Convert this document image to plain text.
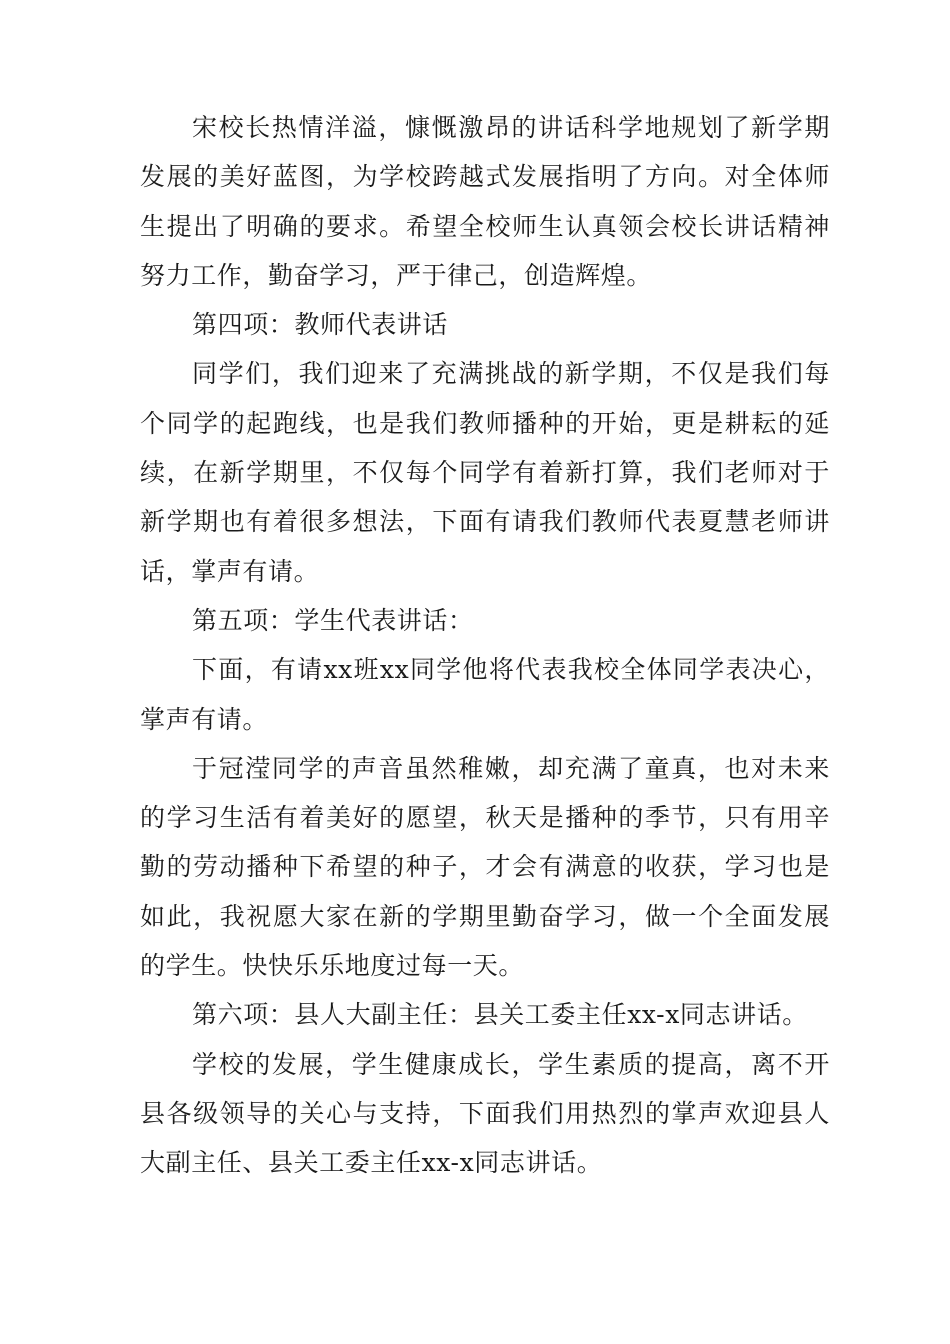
宋校长热情洋溢，慷慨激昂的讲话科学地规划了新学期发展的美好蓝图，为学校跨越式发展指明了方向。对全体师生提出了明确的要求。希望全校师生认真领会校长讲话精神努力工作，勤奋学习，严于律己，创造辉煌。

第四项：教师代表讲话

同学们，我们迎来了充满挑战的新学期，不仅是我们每个同学的起跑线，也是我们教师播种的开始，更是耕耘的延续，在新学期里，不仅每个同学有着新打算，我们老师对于新学期也有着很多想法，下面有请我们教师代表夏慧老师讲话，掌声有请。

第五项：学生代表讲话：

下面，有请xx班xx同学他将代表我校全体同学表决心，掌声有请。

于冠滢同学的声音虽然稚嫩，却充满了童真，也对未来的学习生活有着美好的愿望，秋天是播种的季节，只有用辛勤的劳动播种下希望的种子，才会有满意的收获，学习也是如此，我祝愿大家在新的学期里勤奋学习，做一个全面发展的学生。快快乐乐地度过每一天。

第六项：县人大副主任：县关工委主任xx-x同志讲话。

学校的发展，学生健康成长，学生素质的提高，离不开县各级领导的关心与支持，下面我们用热烈的掌声欢迎县人大副主任、县关工委主任xx-x同志讲话。
